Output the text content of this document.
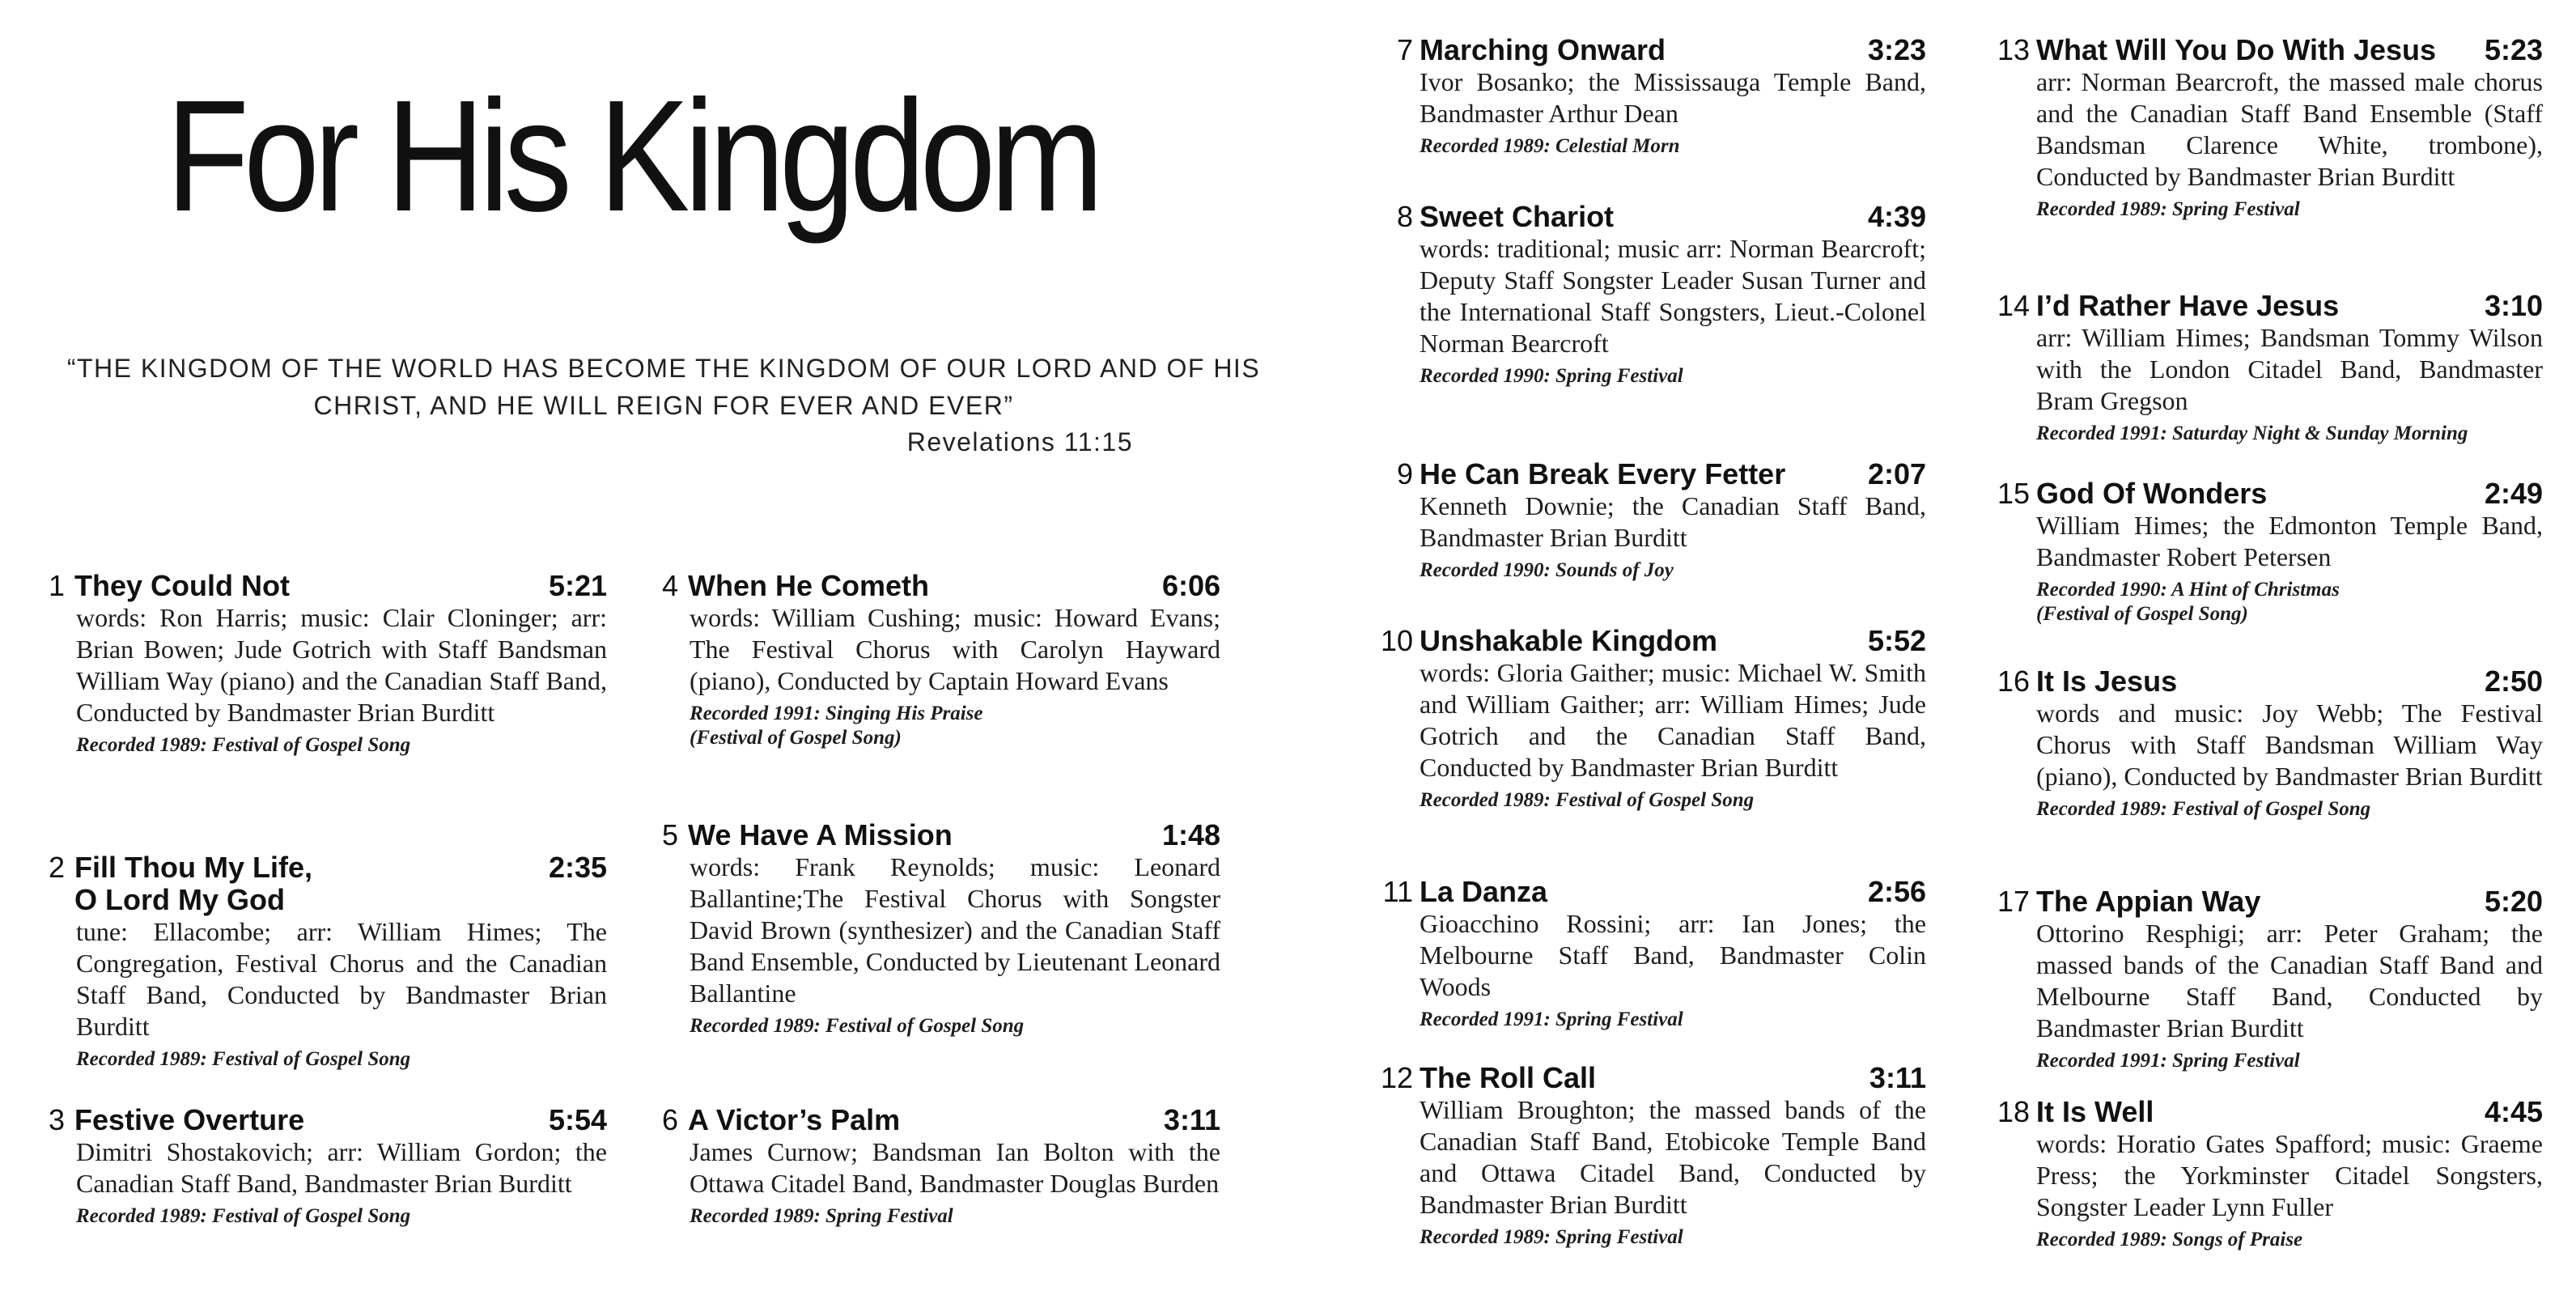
For His Kingdom
“THE KINGDOM OF THE WORLD HAS BECOME THE KINGDOM OF OUR LORD AND OF HIS CHRIST, AND HE WILL REIGN FOR EVER AND EVER”
Revelations 11:15
1 They Could Not	5:21
words: Ron Harris; music: Clair Cloninger; arr: Brian Bowen; Jude Gotrich with Staff Bandsman William Way (piano) and the Canadian Staff Band, Conducted by Bandmaster Brian Burditt
Recorded 1989: Festival of Gospel Song
2 Fill Thou My Life,
O Lord My God
2:35
tune: Ellacombe; arr: William Himes; The Congregation, Festival Chorus and the Canadian Staff Band, Conducted by Bandmaster Brian Burditt
Recorded 1989: Festival of Gospel Song
3 Festive Overture	5:54
Dimitri Shostakovich; arr: William Gordon; the Canadian Staff Band, Bandmaster Brian Burditt
Recorded 1989: Festival of Gospel Song
4 When He Cometh	6:06
words: William Cushing; music: Howard Evans; The Festival Chorus with Carolyn Hayward (piano), Conducted by Captain Howard Evans
Recorded 1991: Singing His Praise
(Festival of Gospel Song)
5 We Have A Mission	1:48
words: Frank Reynolds; music: Leonard Ballantine;The Festival Chorus with Songster David Brown (synthesizer) and the Canadian Staff Band Ensemble, Conducted by Lieutenant Leonard Ballantine
Recorded 1989: Festival of Gospel Song
6 A Victor’s Palm	3:11
James Curnow; Bandsman Ian Bolton with the Ottawa Citadel Band, Bandmaster Douglas Burden
Recorded 1989: Spring Festival
7 Marching Onward	3:23
Ivor Bosanko; the Mississauga Temple Band, Bandmaster Arthur Dean
Recorded 1989: Celestial Morn
8 Sweet Chariot	4:39
words: traditional; music arr: Norman Bearcroft; Deputy Staff Songster Leader Susan Turner and the International Staff Songsters, Lieut.-Colonel Norman Bearcroft
Recorded 1990: Spring Festival
9 He Can Break Every Fetter	2:07
Kenneth Downie; the Canadian Staff Band, Bandmaster Brian Burditt
Recorded 1990: Sounds of Joy
10 Unshakable Kingdom	5:52
words: Gloria Gaither; music: Michael W. Smith and William Gaither; arr: William Himes; Jude Gotrich and the Canadian Staff Band, Conducted by Bandmaster Brian Burditt
Recorded 1989: Festival of Gospel Song
11 La Danza	2:56
Gioacchino Rossini; arr: Ian Jones; the Melbourne Staff Band, Bandmaster Colin Woods
Recorded 1991: Spring Festival
12 The Roll Call	3:11
William Broughton; the massed bands of the Canadian Staff Band, Etobicoke Temple Band and Ottawa Citadel Band, Conducted by Bandmaster Brian Burditt
Recorded 1989: Spring Festival
13 What Will You Do With Jesus	5:23
arr: Norman Bearcroft, the massed male chorus and the Canadian Staff Band Ensemble (Staff Bandsman Clarence White, trombone), Conducted by Bandmaster Brian Burditt
Recorded 1989: Spring Festival
14 I’d Rather Have Jesus	3:10
arr: William Himes; Bandsman Tommy Wilson with the London Citadel Band, Bandmaster Bram Gregson
Recorded 1991: Saturday Night & Sunday Morning
15 God Of Wonders	2:49
William Himes; the Edmonton Temple Band, Bandmaster Robert Petersen
Recorded 1990: A Hint of Christmas
(Festival of Gospel Song)
16 It Is Jesus	2:50
words and music: Joy Webb; The Festival Chorus with Staff Bandsman William Way (piano), Conducted by Bandmaster Brian Burditt
Recorded 1989: Festival of Gospel Song
17 The Appian Way	5:20
Ottorino Resphigi; arr: Peter Graham; the massed bands of the Canadian Staff Band and Melbourne Staff Band, Conducted by Bandmaster Brian Burditt
Recorded 1991: Spring Festival
18 It Is Well	4:45
words: Horatio Gates Spafford; music: Graeme Press; the Yorkminster Citadel Songsters, Songster Leader Lynn Fuller
Recorded 1989: Songs of Praise
